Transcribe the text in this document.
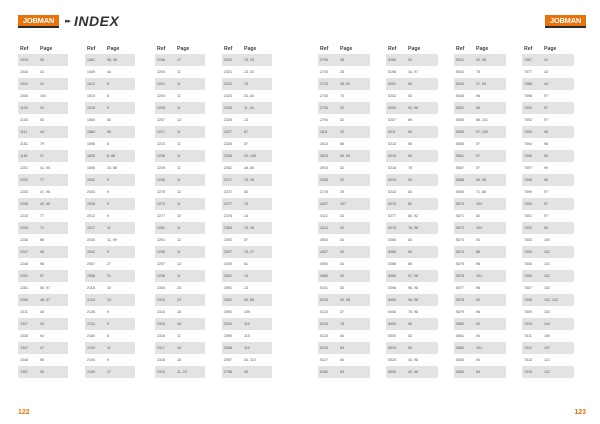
JOBMAN	▸▸ INDEX
122
Ref	Page
1010	40
1040	41
1041	41
1050	104
1100	24
1100	93
1111	44
1151	79
1181	37
1201	41, 95
1202	77
1203	47, 96
1208	42, 95
1210	77
1225	71
1236	88
1247	98
1248	98
1251	97
1281	50, 97
1284	48, 97
1311	45
1327	43
1335	94
1347	47
1348	95
1357	40
Ref	Page
1361	96, 98
1405	44
1512	8
1513	8
1515	9
1560	50
1584	59
1596	8
1605	8, 88
1606	10, 88
2002	9
2003	9
2005	9
2012	9
2017	11
2030	11, 99
2042	9
2057	27
2058	21
2118	10
2124	13
2126	9
2131	9
2160	8
2193	11
2194	9
2195	27
Ref	Page
2196	27
2200	11
2201	11
2204	11
2205	11
2207	13
2217	11
2223	11
2238	11
2239	11
2240	11
2275	12
2273	11
2277	10
2281	11
2291	12
2295	11
2297	13
2298	11
2300	23
2310	23
2314	18
2315	18
2316	11
2317	16
2318	18
2319	11, 23
Ref	Page
2320	13, 23
2321	13, 33
2322	13
2323	24, 84
2325	11, 44
2326	13
2327	87
2328	87
2358	24, 105
2362	48, 80
2371	13, 18
2372	83
2377	13
2378	14
2384	13, 18
2392	87
2397	13, 27
2400	61
2501	14
2591	13
2592	95, 88
2593	109
2594	110
2595	110
2596	110
2597	34, 110
2798	26
JOBMAN
123
Ref	Page
2799	28
2703	28
2723	28, 92
2743	74
2753	32
2794	32
2811	33
2814	86
2833	89, 95
2934	32
2935	22
3719	29
4037	107
4112	33
4212	29
4502	34
4507	34
4950	34
4960	34
5101	30
5103	34, 98
5120	37
5124	78
5125	84
5126	84
5127	84
5180	83
Ref	Page
5189	34
5198	34, 97
5201	84
5202	93
5203	93, 96
5207	69
5211	69
5213	95
5216	69
5218	78
5219	93
5243	83
5276	82
5277	80, 92
5278	78, 98
5365	83
5368	84
5388	85
5389	97, 98
5396	96, 98
5405	96, 98
5406	78, 98
5409	96
5500	53
5510	54
5520	43, 98
5540	42, 96
Ref	Page
5541	42, 96
5543	78
5544	37, 99
5548	96
5552	96
5555	86, 101
5556	97, 100
5558	97
5561	97
5567	97
5568	89, 96
5569	71, 86
5570	103
5571	82
5572	103
5573	93
5574	86
5575	98
5576	101
5577	98
5578	93
5579	96
5580	93
5581	94
5582	101
5583	94
5584	54
Ref	Page
7567	41
7577	43
7588	44
7598	97
7591	97
7592	97
7593	98
7594	98
7596	99
7597	99
7598	96
7599	97
7600	97
7601	97
7602	99
7603	100
7604	101
7605	101
7606	101
7607	102
7608	102, 103
7609	103
7610	104
7611	105
7612	107
7613	121
7615	121
